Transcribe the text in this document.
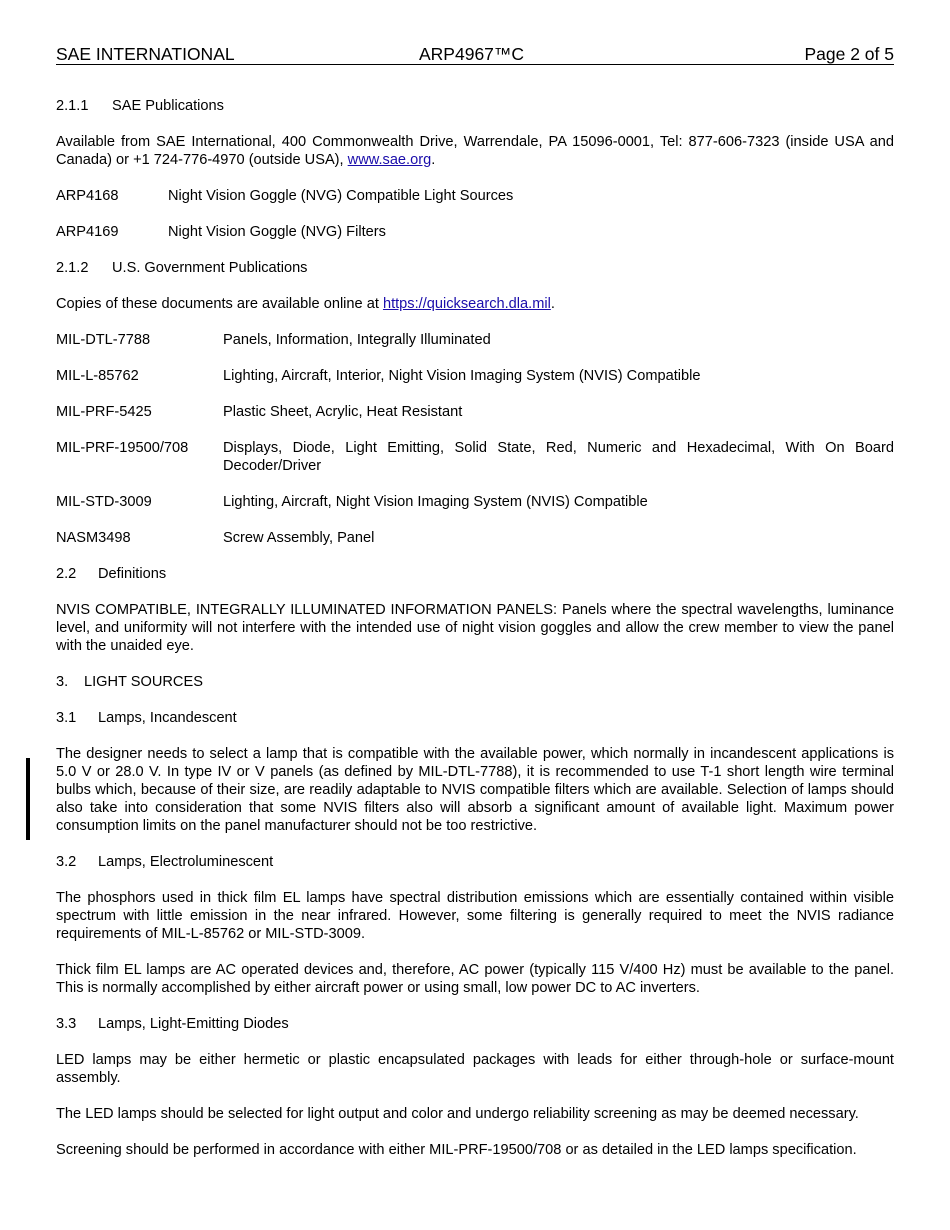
SAE INTERNATIONAL	ARP4967™C	Page 2 of 5
2.1.1 SAE Publications

Available from SAE International, 400 Commonwealth Drive, Warrendale, PA 15096-0001, Tel: 877-606-7323 (inside USA and Canada) or +1 724-776-4970 (outside USA), www.sae.org.

ARP4168	Night Vision Goggle (NVG) Compatible Light Sources
ARP4169	Night Vision Goggle (NVG) Filters
2.1.2 U.S. Government Publications

Copies of these documents are available online at https://quicksearch.dla.mil.

MIL-DTL-7788	Panels, Information, Integrally Illuminated
MIL-L-85762	Lighting, Aircraft, Interior, Night Vision Imaging System (NVIS) Compatible
MIL-PRF-5425	Plastic Sheet, Acrylic, Heat Resistant
MIL-PRF-19500/708	Displays, Diode, Light Emitting, Solid State, Red, Numeric and Hexadecimal, With On Board Decoder/Driver
MIL-STD-3009	Lighting, Aircraft, Night Vision Imaging System (NVIS) Compatible
NASM3498	Screw Assembly, Panel
2.2 Definitions

NVIS COMPATIBLE, INTEGRALLY ILLUMINATED INFORMATION PANELS: Panels where the spectral wavelengths, luminance level, and uniformity will not interfere with the intended use of night vision goggles and allow the crew member to view the panel with the unaided eye.

3. LIGHT SOURCES
3.1 Lamps, Incandescent

The designer needs to select a lamp that is compatible with the available power, which normally in incandescent applications is 5.0 V or 28.0 V. In type IV or V panels (as defined by MIL-DTL-7788), it is recommended to use T-1 short length wire terminal bulbs which, because of their size, are readily adaptable to NVIS compatible filters which are available. Selection of lamps should also take into consideration that some NVIS filters also will absorb a significant amount of available light. Maximum power consumption limits on the panel manufacturer should not be too restrictive.

3.2 Lamps, Electroluminescent

The phosphors used in thick film EL lamps have spectral distribution emissions which are essentially contained within visible spectrum with little emission in the near infrared. However, some filtering is generally required to meet the NVIS radiance requirements of MIL-L-85762 or MIL-STD-3009.

Thick film EL lamps are AC operated devices and, therefore, AC power (typically 115 V/400 Hz) must be available to the panel. This is normally accomplished by either aircraft power or using small, low power DC to AC inverters.

3.3 Lamps, Light-Emitting Diodes

LED lamps may be either hermetic or plastic encapsulated packages with leads for either through-hole or surface-mount assembly.

The LED lamps should be selected for light output and color and undergo reliability screening as may be deemed necessary.

Screening should be performed in accordance with either MIL-PRF-19500/708 or as detailed in the LED lamps specification.
